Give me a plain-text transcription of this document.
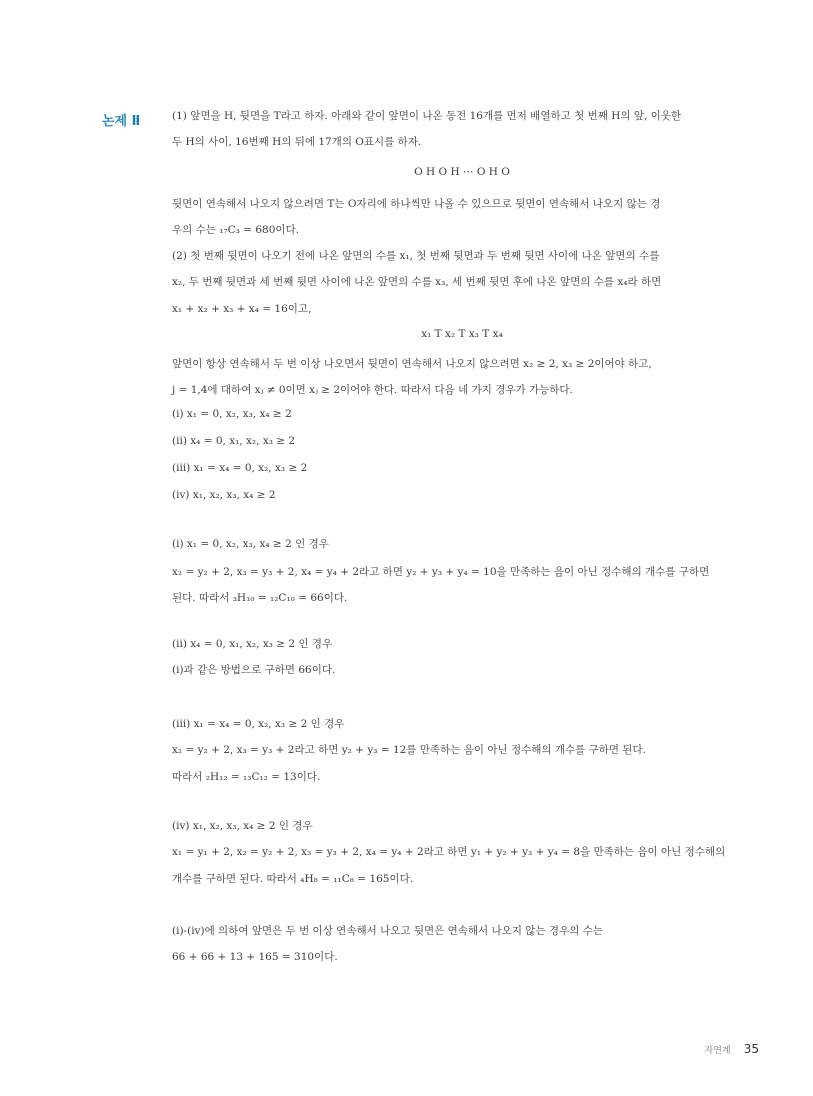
논제 Ⅱ	(1) 앞면을 H, 뒷면을 T라고 하자. 아래와 같이 앞면이 나온 동전 16개를 먼저 배열하고 첫 번째 H의 앞, 이웃한
두 H의 사이, 16번째 H의 뒤에 17개의 O표시를 하자.
O H O H ⋯ O H O
뒷면이 연속해서 나오지 않으려면 T는 O자리에 하나씩만 나올 수 있으므로 뒷면이 연속해서 나오지 않는 경
우의 수는 ₁₇C₃ = 680이다.
(2) 첫 번째 뒷면이 나오기 전에 나온 앞면의 수를 x₁, 첫 번째 뒷면과 두 번째 뒷면 사이에 나온 앞면의 수를
x₂, 두 번째 뒷면과 세 번째 뒷면 사이에 나온 앞면의 수를 x₃, 세 번째 뒷면 후에 나온 앞면의 수를 x₄라 하면
x₁ + x₂ + x₃ + x₄ = 16이고,
x₁ T x₂ T x₃ T x₄
앞면이 항상 연속해서 두 번 이상 나오면서 뒷면이 연속해서 나오지 않으려면 x₂ ≥ 2, x₃ ≥ 2이어야 하고,
j = 1,4에 대하여 xⱼ ≠ 0이면 xⱼ ≥ 2이어야 한다. 따라서 다음 네 가지 경우가 가능하다.
(i) x₁ = 0, x₂, x₃, x₄ ≥ 2
(ii) x₄ = 0, x₁, x₂, x₃ ≥ 2
(iii) x₁ = x₄ = 0, x₂, x₃ ≥ 2
(iv) x₁, x₂, x₃, x₄ ≥ 2
(i) x₁ = 0, x₂, x₃, x₄ ≥ 2 인 경우
x₂ = y₂ + 2, x₃ = y₃ + 2, x₄ = y₄ + 2라고 하면 y₂ + y₃ + y₄ = 10을 만족하는 음이 아닌 정수해의 개수를 구하면
된다. 따라서 ₃H₁₀ = ₁₂C₁₀ = 66이다.
(ii) x₄ = 0, x₁, x₂, x₃ ≥ 2 인 경우
(i)과 같은 방법으로 구하면 66이다.
(iii) x₁ = x₄ = 0, x₂, x₃ ≥ 2 인 경우
x₂ = y₂ + 2, x₃ = y₃ + 2라고 하면 y₂ + y₃ = 12를 만족하는 음이 아닌 정수해의 개수를 구하면 된다.
따라서 ₂H₁₂ = ₁₃C₁₂ = 13이다.
(iv) x₁, x₂, x₃, x₄ ≥ 2 인 경우
x₁ = y₁ + 2, x₂ = y₂ + 2, x₃ = y₃ + 2, x₄ = y₄ + 2라고 하면 y₁ + y₂ + y₃ + y₄ = 8을 만족하는 음이 아닌 정수해의
개수를 구하면 된다. 따라서 ₄H₈ = ₁₁C₈ = 165이다.
(i)-(iv)에 의하여 앞면은 두 번 이상 연속해서 나오고 뒷면은 연속해서 나오지 않는 경우의 수는
66 + 66 + 13 + 165 = 310이다.
자연계 35
